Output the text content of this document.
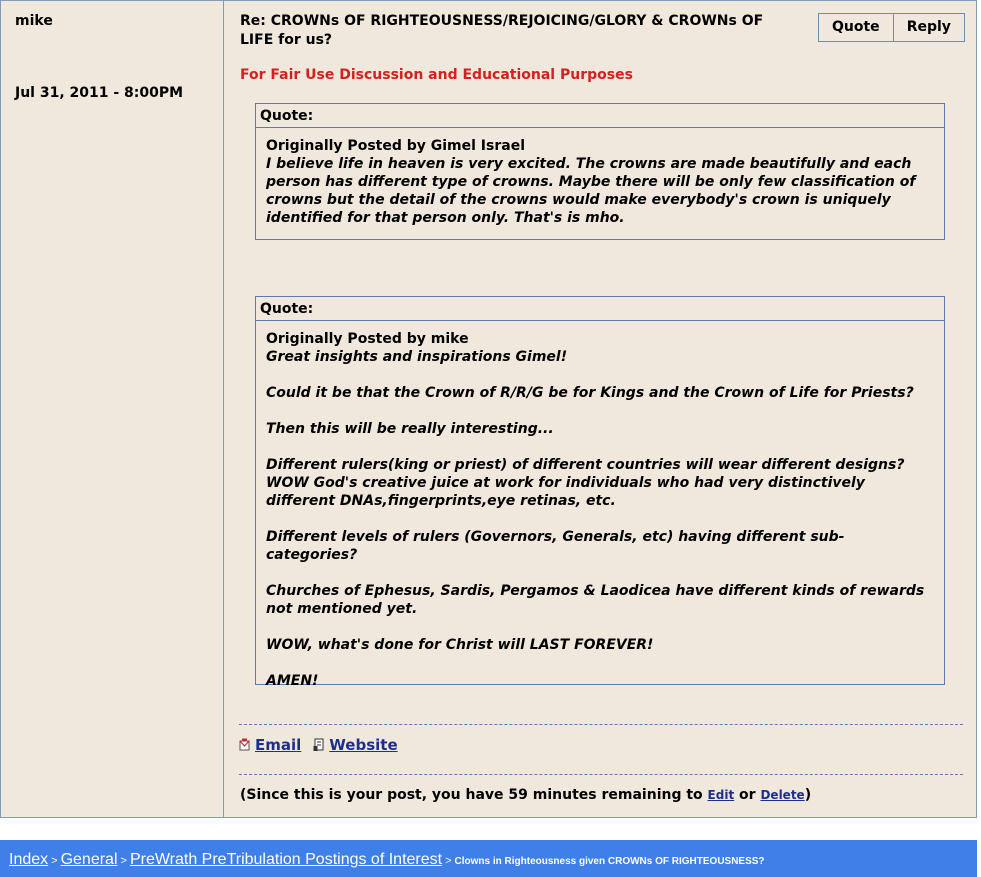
mike
Jul 31, 2011 - 8:00PM
Re: CROWNs OF RIGHTEOUSNESS/REJOICING/GLORY & CROWNs OF LIFE for us?
Quote	Reply
For Fair Use Discussion and Educational Purposes
Quote:
Originally Posted by Gimel Israel

I believe life in heaven is very excited. The crowns are made beautifully and each person has different type of crowns. Maybe there will be only few classification of crowns but the detail of the crowns would make everybody's crown is uniquely identified for that person only. That's is mho.

Quote:
Originally Posted by mike

Great insights and inspirations Gimel!

Could it be that the Crown of R/R/G be for Kings and the Crown of Life for Priests?

Then this will be really interesting...

Different rulers(king or priest) of different countries will wear different designs? WOW God's creative juice at work for individuals who had very distinctively different DNAs,fingerprints,eye retinas, etc.

Different levels of rulers (Governors, Generals, etc) having different sub-categories?

Churches of Ephesus, Sardis, Pergamos & Laodicea have different kinds of rewards not mentioned yet.

WOW, what's done for Christ will LAST FOREVER!

AMEN!

Email Website
(Since this is your post, you have 59 minutes remaining to Edit or Delete)
Index > General > PreWrath PreTribulation Postings of Interest > Clowns in Righteousness given CROWNs OF RIGHTEOUSNESS?
